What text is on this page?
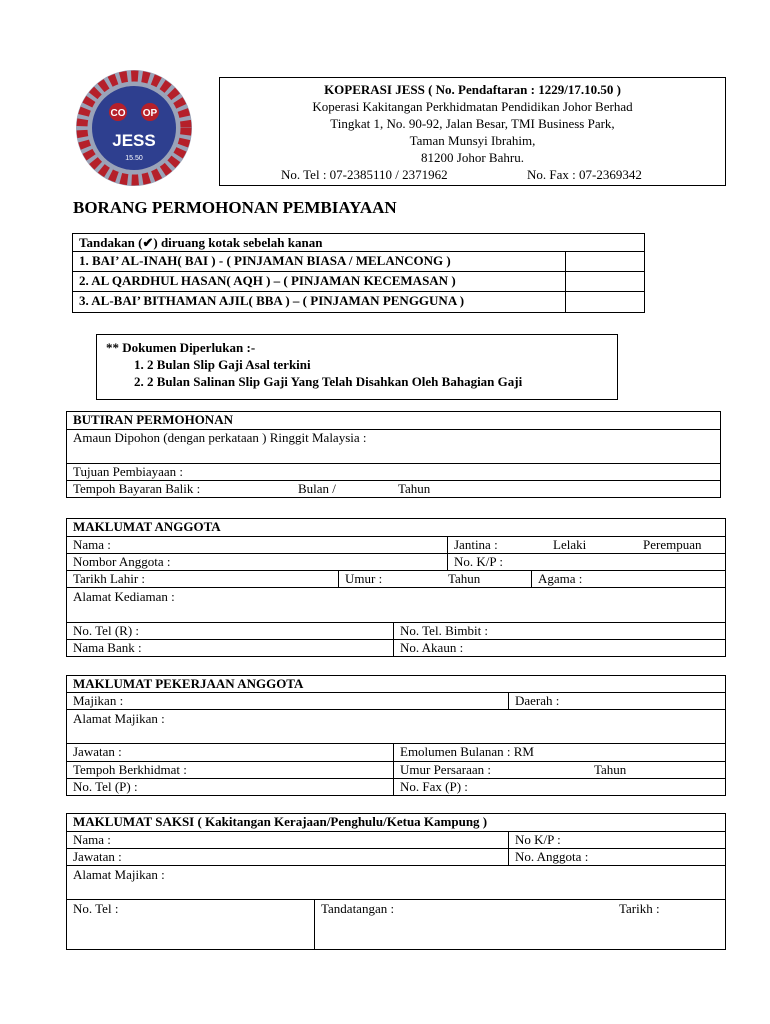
CO OP
JESS
15.50
KOPERASI JESS ( No. Pendaftaran : 1229/17.10.50 )
Koperasi Kakitangan Perkhidmatan Pendidikan Johor Berhad
Tingkat 1, No. 90-92, Jalan Besar, TMI Business Park,
Taman Munsyi Ibrahim,
81200 Johor Bahru.
No. Tel : 07-2385110 / 2371962	No. Fax : 07-2369342
BORANG PERMOHONAN PEMBIAYAAN
Tandakan (✔) diruang kotak sebelah kanan
1. BAI’ AL-INAH( BAI ) - ( PINJAMAN BIASA / MELANCONG )
2. AL QARDHUL HASAN( AQH ) – ( PINJAMAN KECEMASAN )
3. AL-BAI’ BITHAMAN AJIL( BBA ) – ( PINJAMAN PENGGUNA )
** Dokumen Diperlukan :-
1. 2 Bulan Slip Gaji Asal terkini
2. 2 Bulan Salinan Slip Gaji Yang Telah Disahkan Oleh Bahagian Gaji
BUTIRAN PERMOHONAN
Amaun Dipohon (dengan perkataan ) Ringgit Malaysia :
Tujuan Pembiayaan :
Tempoh Bayaran Balik :	Bulan /	Tahun
MAKLUMAT ANGGOTA
Nama :	Jantina :	Lelaki	Perempuan
Nombor Anggota :	No. K/P :
Tarikh Lahir :	Umur :	Tahun	Agama :
Alamat Kediaman :
No. Tel (R) :	No. Tel. Bimbit :
Nama Bank :	No. Akaun :
MAKLUMAT PEKERJAAN ANGGOTA
Majikan :	Daerah :
Alamat Majikan :
Jawatan :	Emolumen Bulanan : RM
Tempoh Berkhidmat :	Umur Persaraan :	Tahun
No. Tel (P) :	No. Fax (P) :
MAKLUMAT SAKSI ( Kakitangan Kerajaan/Penghulu/Ketua Kampung )
Nama :	No K/P :
Jawatan :	No. Anggota :
Alamat Majikan :
No. Tel :	Tandatangan :	Tarikh :
